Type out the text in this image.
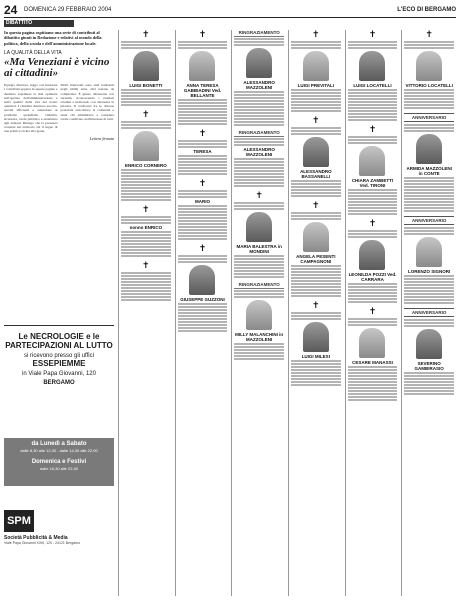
24 DOMENICA 29 FEBBRAIO 2004	L'ECO DI BERGAMO
DIBATTITO
In questa pagina ospitiamo una serie di contributi al dibattito giunti in Redazione e relativi al mondo della politica, della scuola e dell'amministrazione locale.
LA QUALITÀ DELLA VITA
«Ma Veneziani è vicino ai cittadini»
Egregio direttore, leggo con interesse i contributi apparsi in queste pagine e desidero esprimere la mia opinione sull'operato dell'amministrazione e sulla qualità della vita nei nostri quartieri. I cittadini chiedono ascolto, servizi efficienti e attenzione ai problemi quotidiani: viabilità, sicurezza, verde pubblico e assistenza agli anziani. Ritengo che la presenza costante sul territorio sia il segno di una politica vicina alla gente.
Molti interventi sono stati realizzati negli ultimi anni, altri restano da completare. È giusto discuterne con serenità, riconoscendo i risultati ottenuti e indicando con chiarezza le priorità. Il confronto tra le diverse posizioni arricchisce la comunità e aiuta chi amministra a compiere scelte condivise, nell'interesse di tutti.
Lettera firmata
Le NECROLOGIE e le PARTECIPAZIONI AL LUTTO
si ricevono presso gli uffici
ESSEPIEMME
in Viale Papa Giovanni, 120
BERGAMO
da Lunedì a Sabato
dalle 8,30 alle 12,30 - dalle 14,30 alle 22,00
Domenica e Festivi
dalle 16,30 alle 22,00
SPM
Società Pubblicità & Media
Viale Papa Giovanni XXIII, 120 - 24121 Bergamo
✝
LUIGI BONETTI
✝
ENRICO CORNERO
✝
nonno ENRICO
✝
✝
ANNA TERESA GABBIADINI Ved. BELLANTE
✝
TERESA
✝
MARIO
✝
GIUSEPPE GUZZONI
RINGRAZIAMENTO
ALESSANDRO MAZZOLENI
RINGRAZIAMENTO
ALESSANDRO MAZZOLENI
✝
MARIA BALESTRA in MONDINI
RINGRAZIAMENTO
MILLY MALANCHINI in MAZZOLENI
✝
LUIGI PREVITALI
✝
ALESSANDRO BASSANELLI
✝
ANGELA PESENTI CAMPAGNONI
✝
LUIGI MILESI
✝
LUIGI LOCATELLI
✝
CHIARA ZAMBETTI Ved. TIRONI
✝
LEONILDA POZZI Ved. CARRARA
✝
CESARE MANASSI
✝
VITTORIO LOCATELLI
ANNIVERSARIO
ARMIDA MAZZOLENI in CONTE
ANNIVERSARIO
LORENZO SIGNORI
ANNIVERSARIO
SEVERINO GAMBIRASIO
